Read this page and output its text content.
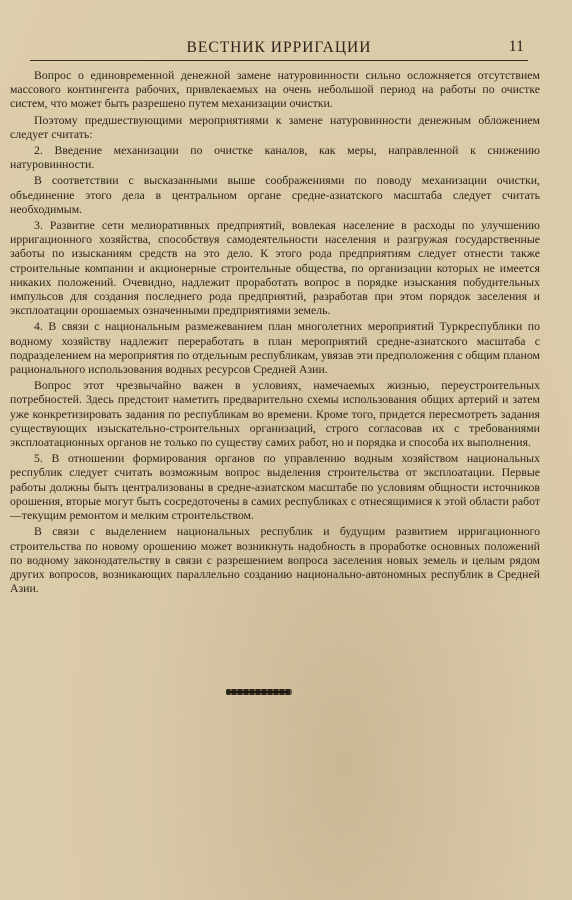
ВЕСТНИК ИРРИГАЦИИ	11

Вопрос о единовременной денежной замене натуровинности сильно осложняется отсутствием массового контингента рабочих, привлекаемых на очень небольшой период на работы по очистке систем, что может быть разрешено путем механизации очистки.

Поэтому предшествующими мероприятиями к замене натуровинности денежным обложением следует считать:

2. Введение механизации по очистке каналов, как меры, направленной к снижению натуровинности.

В соответствии с высказанными выше соображениями по поводу механизации очистки, объединение этого дела в центральном органе средне-азиатского масштаба следует считать необходимым.

3. Развитие сети мелиоративных предприятий, вовлекая население в расходы по улучшению ирригационного хозяйства, способствуя самодеятельности населения и разгружая государственные заботы по изысканиям средств на это дело. К этого рода предприятиям следует отнести также строительные компании и акционерные строительные общества, по организации которых не имеется никаких положений. Очевидно, надлежит проработать вопрос в порядке изыскания побудительных импульсов для создания последнего рода предприятий, разработав при этом порядок заселения и эксплоатации орошаемых означенными предприятиями земель.

4. В связи с национальным размежеванием план многолетних мероприятий Туркреспублики по водному хозяйству надлежит переработать в план мероприятий средне-азиатского масштаба с подразделением на мероприятия по отдельным республикам, увязав эти предположения с общим планом рационального использования водных ресурсов Средней Азии.

Вопрос этот чрезвычайно важен в условиях, намечаемых жизнью, переустроительных потребностей. Здесь предстоит наметить предварительно схемы использования общих артерий и затем уже конкретизировать задания по республикам во времени. Кроме того, придется пересмотреть задания существующих изыскательно-строительных организаций, строго согласовав их с требованиями эксплоатационных органов не только по существу самих работ, но и порядка и способа их выполнения.

5. В отношении формирования органов по управлению водным хозяйством национальных республик следует считать возможным вопрос выделения строительства от эксплоатации. Первые работы должны быть централизованы в средне-азиатском масштабе по условиям общности источников орошения, вторые могут быть сосредоточены в самих республиках с отнесящимися к этой области работ—текущим ремонтом и мелким строительством.

В связи с выделением национальных республик и будущим развитием ирригационного строительства по новому орошению может возникнуть надобность в проработке основных положений по водному законодательству в связи с разрешением вопроса заселения новых земель и целым рядом других вопросов, возникающих параллельно созданию национально-автономных республик в Средней Азии.
